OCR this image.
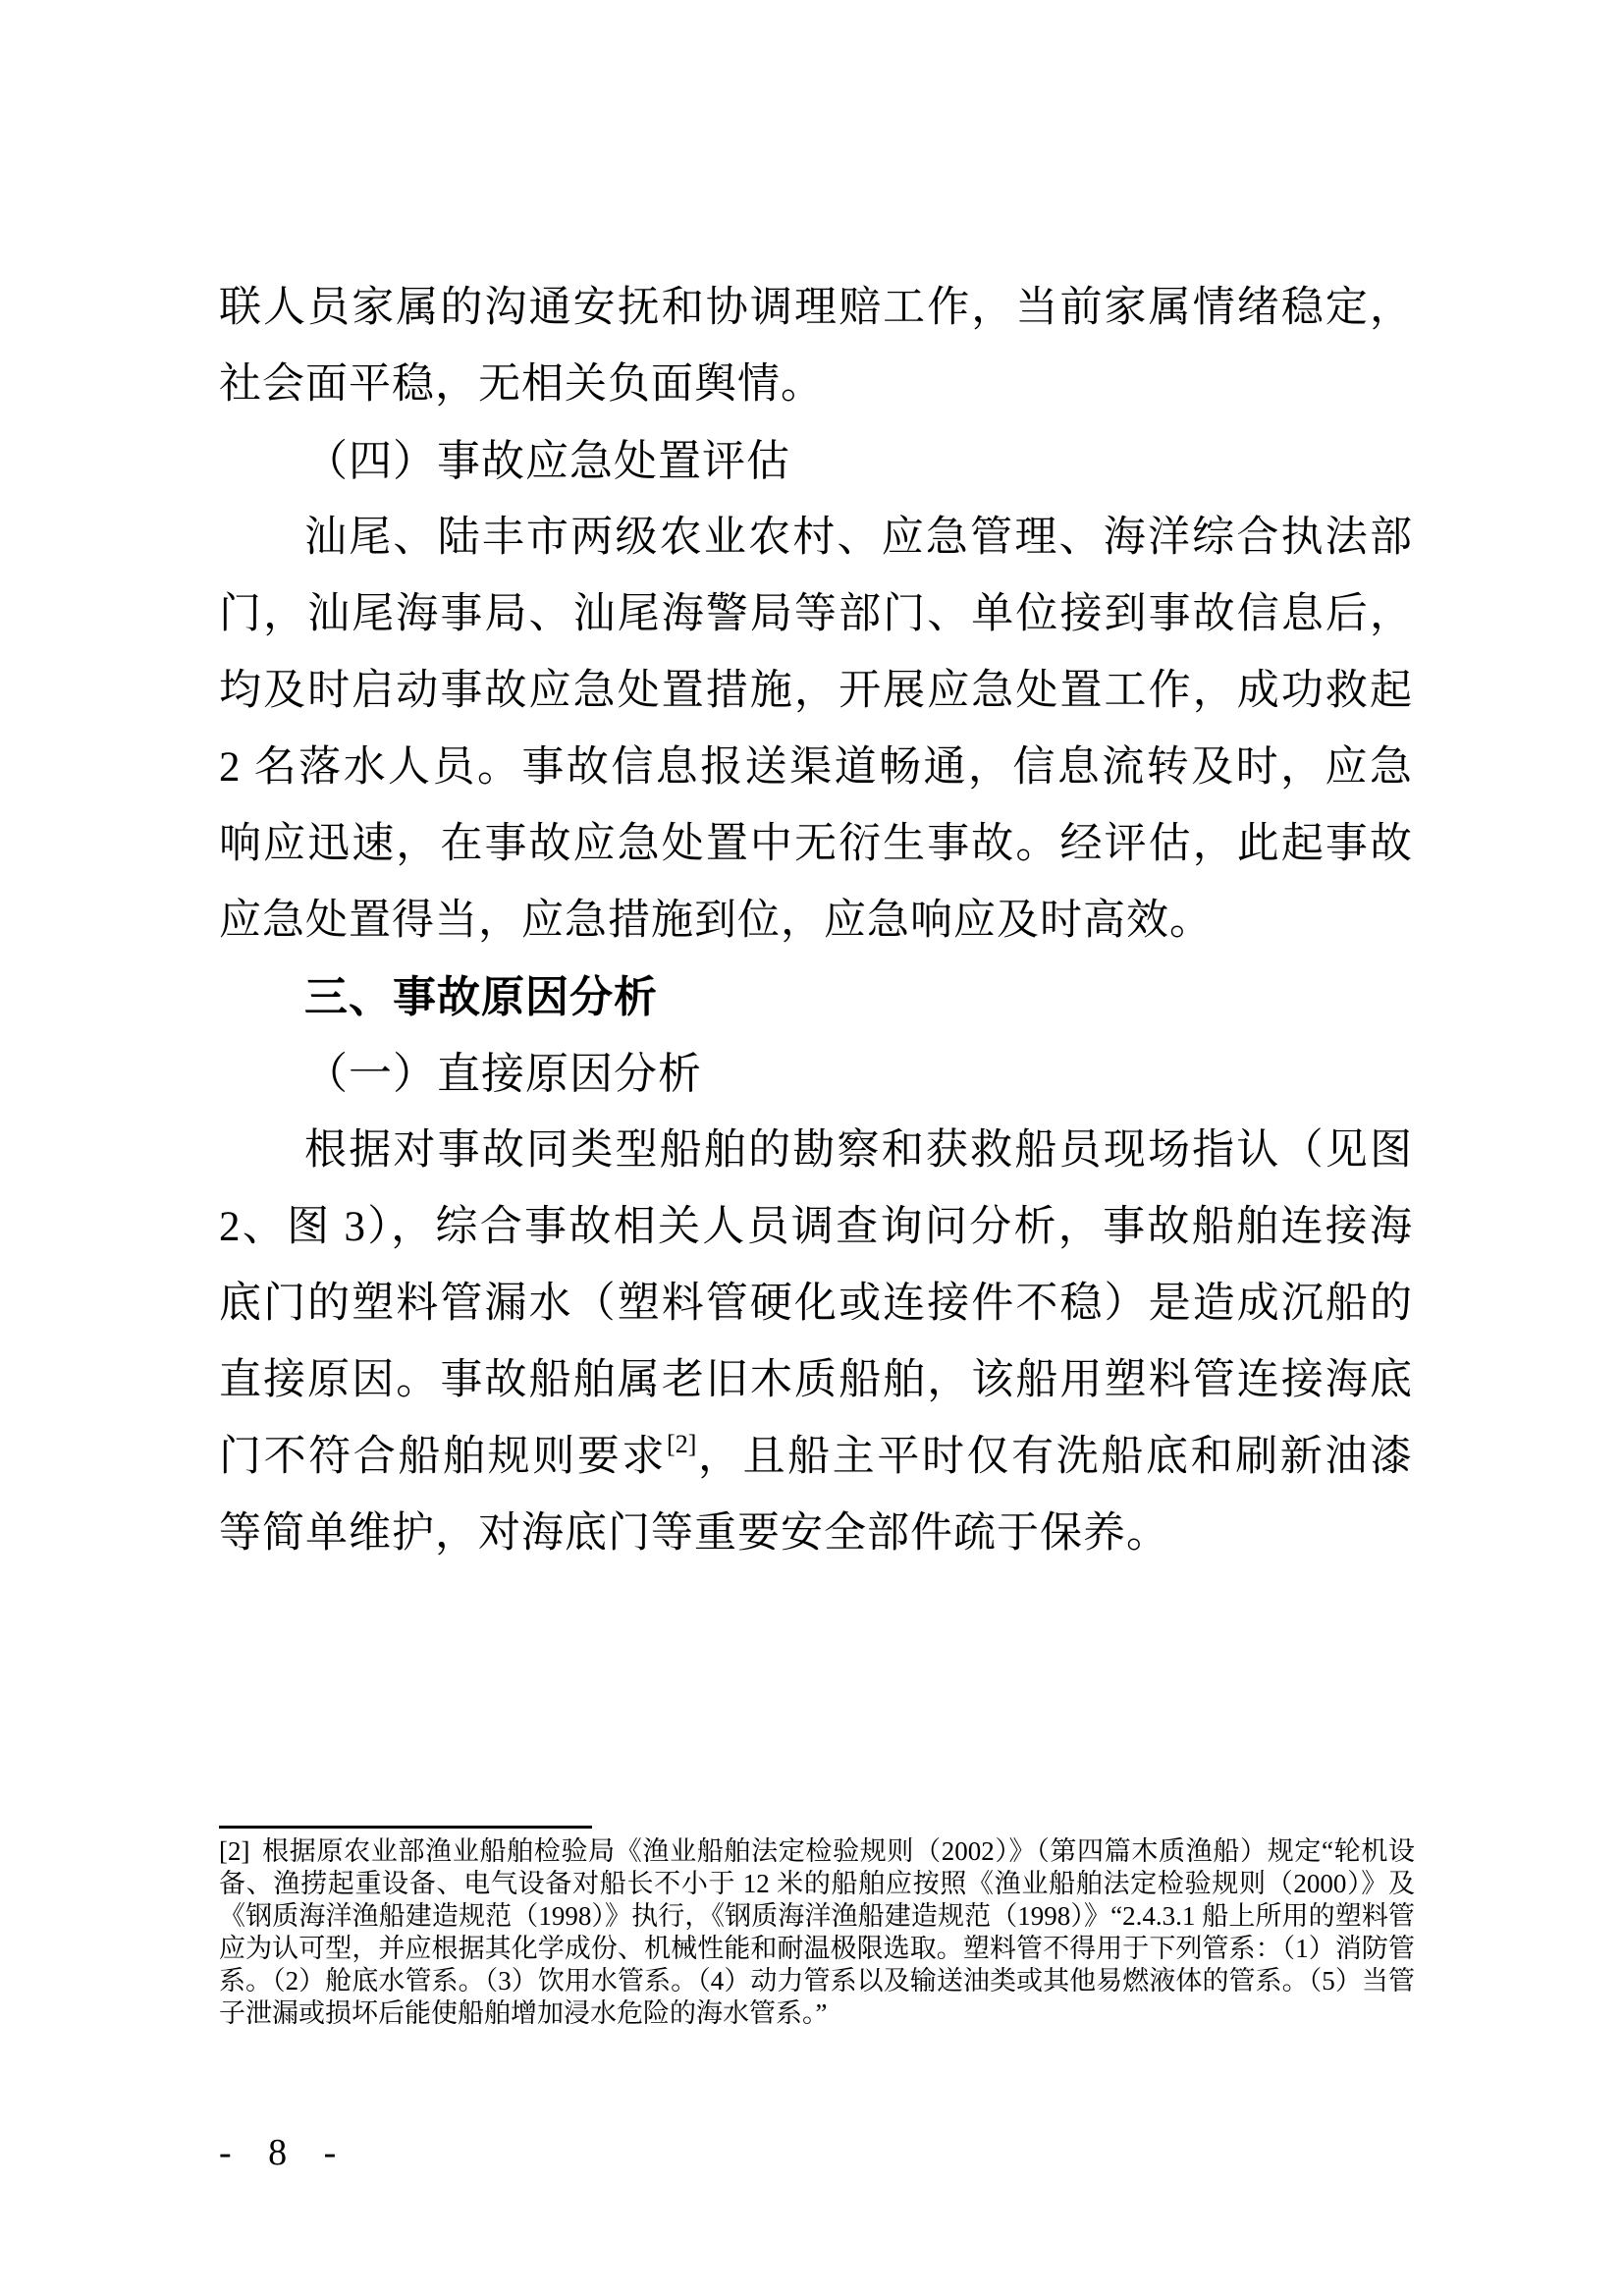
联人员家属的沟通安抚和协调理赔工作，当前家属情绪稳定，社会面平稳，无相关负面舆情。

（四）事故应急处置评估

汕尾、陆丰市两级农业农村、应急管理、海洋综合执法部门，汕尾海事局、汕尾海警局等部门、单位接到事故信息后，均及时启动事故应急处置措施，开展应急处置工作，成功救起 2 名落水人员。事故信息报送渠道畅通，信息流转及时，应急响应迅速，在事故应急处置中无衍生事故。经评估，此起事故应急处置得当，应急措施到位，应急响应及时高效。

三、事故原因分析
（一）直接原因分析

根据对事故同类型船舶的勘察和获救船员现场指认（见图 2、图 3），综合事故相关人员调查询问分析，事故船舶连接海底门的塑料管漏水（塑料管硬化或连接件不稳）是造成沉船的直接原因。事故船舶属老旧木质船舶，该船用塑料管连接海底门不符合船舶规则要求[2]，且船主平时仅有洗船底和刷新油漆等简单维护，对海底门等重要安全部件疏于保养。

[2] 根据原农业部渔业船舶检验局《渔业船舶法定检验规则（2002）》（第四篇木质渔船）规定“轮机设备、渔捞起重设备、电气设备对船长不小于 12 米的船舶应按照《渔业船舶法定检验规则（2000）》及《钢质海洋渔船建造规范（1998）》执行，《钢质海洋渔船建造规范（1998）》“2.4.3.1 船上所用的塑料管应为认可型，并应根据其化学成份、机械性能和耐温极限选取。塑料管不得用于下列管系：（1）消防管系。（2）舱底水管系。（3）饮用水管系。（4）动力管系以及输送油类或其他易燃液体的管系。（5）当管子泄漏或损坏后能使船舶增加浸水危险的海水管系。”

- 8 -
